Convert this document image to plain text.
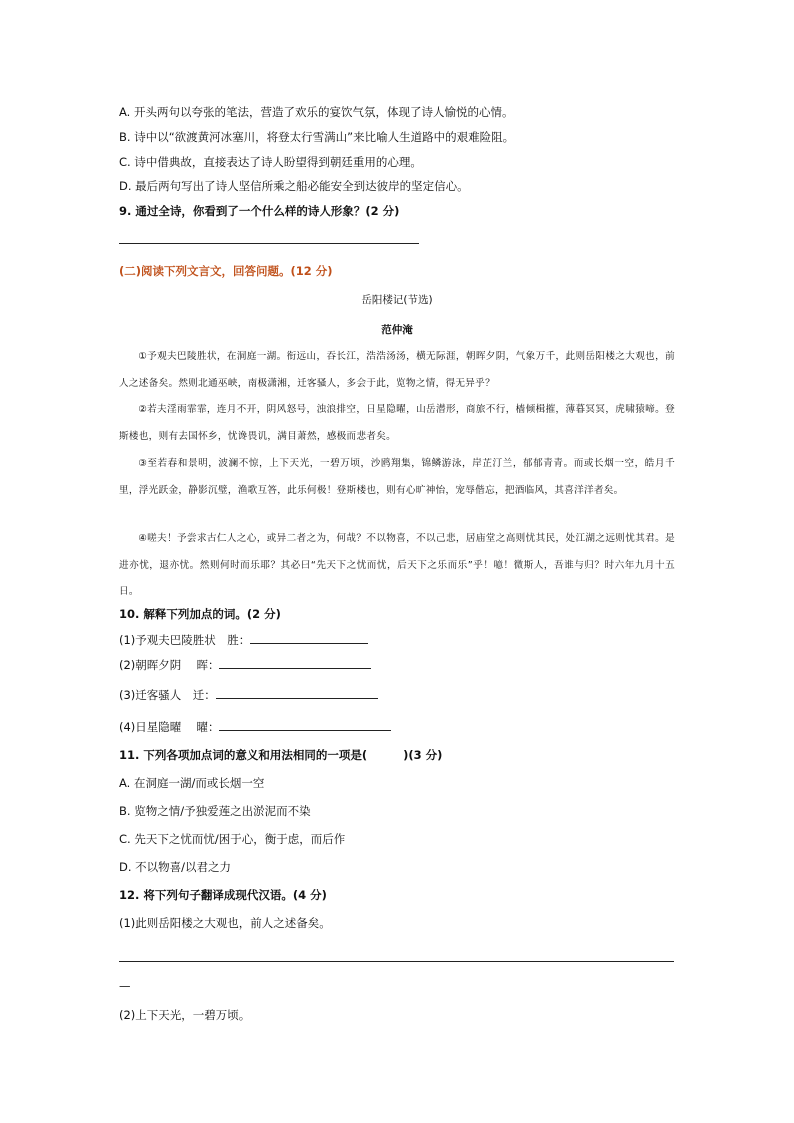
A. 开头两句以夸张的笔法，营造了欢乐的宴饮气氛，体现了诗人愉悦的心情。
B. 诗中以“欲渡黄河冰塞川，将登太行雪满山”来比喻人生道路中的艰难险阻。
C. 诗中借典故，直接表达了诗人盼望得到朝廷重用的心理。
D. 最后两句写出了诗人坚信所乘之船必能安全到达彼岸的坚定信心。
9. 通过全诗，你看到了一个什么样的诗人形象？(2 分)
(二)阅读下列文言文，回答问题。(12 分)
岳阳楼记(节选)
范仲淹
①予观夫巴陵胜状，在洞庭一湖。衔远山，吞长江，浩浩汤汤，横无际涯，朝晖夕阴，气象万千，此则岳阳楼之大观也，前人之述备矣。然则北通巫峡，南极潇湘，迁客骚人，多会于此，览物之情，得无异乎？
②若夫淫雨霏霏，连月不开，阴风怒号，浊浪排空，日星隐曜，山岳潜形，商旅不行，樯倾楫摧，薄暮冥冥，虎啸猿啼。登斯楼也，则有去国怀乡，忧谗畏讥，满目萧然，感极而悲者矣。
③至若春和景明，波澜不惊，上下天光，一碧万顷，沙鸥翔集，锦鳞游泳，岸芷汀兰，郁郁青青。而或长烟一空，皓月千里，浮光跃金，静影沉璧，渔歌互答，此乐何极！登斯楼也，则有心旷神怡，宠辱偕忘，把酒临风，其喜洋洋者矣。
④嗟夫！予尝求古仁人之心，或异二者之为，何哉？不以物喜，不以己悲，居庙堂之高则忧其民，处江湖之远则忧其君。是进亦忧，退亦忧。然则何时而乐耶？其必曰“先天下之忧而忧，后天下之乐而乐”乎！噫！微斯人，吾谁与归？时六年九月十五日。
10. 解释下列加点的词。(2 分)
(1)予观夫巴陵胜状　胜：
(2)朝晖夕阴　 晖：
(3)迁客骚人　迁：
(4)日星隐曜　 曜：
11. 下列各项加点词的意义和用法相同的一项是(	)(3 分)
A. 在洞庭一湖/而或长烟一空
B. 览物之情/予独爱莲之出淤泥而不染
C. 先天下之忧而忧/困于心，衡于虑，而后作
D. 不以物喜/以君之力
12. 将下列句子翻译成现代汉语。(4 分)
(1)此则岳阳楼之大观也，前人之述备矣。
—
(2)上下天光，一碧万顷。
